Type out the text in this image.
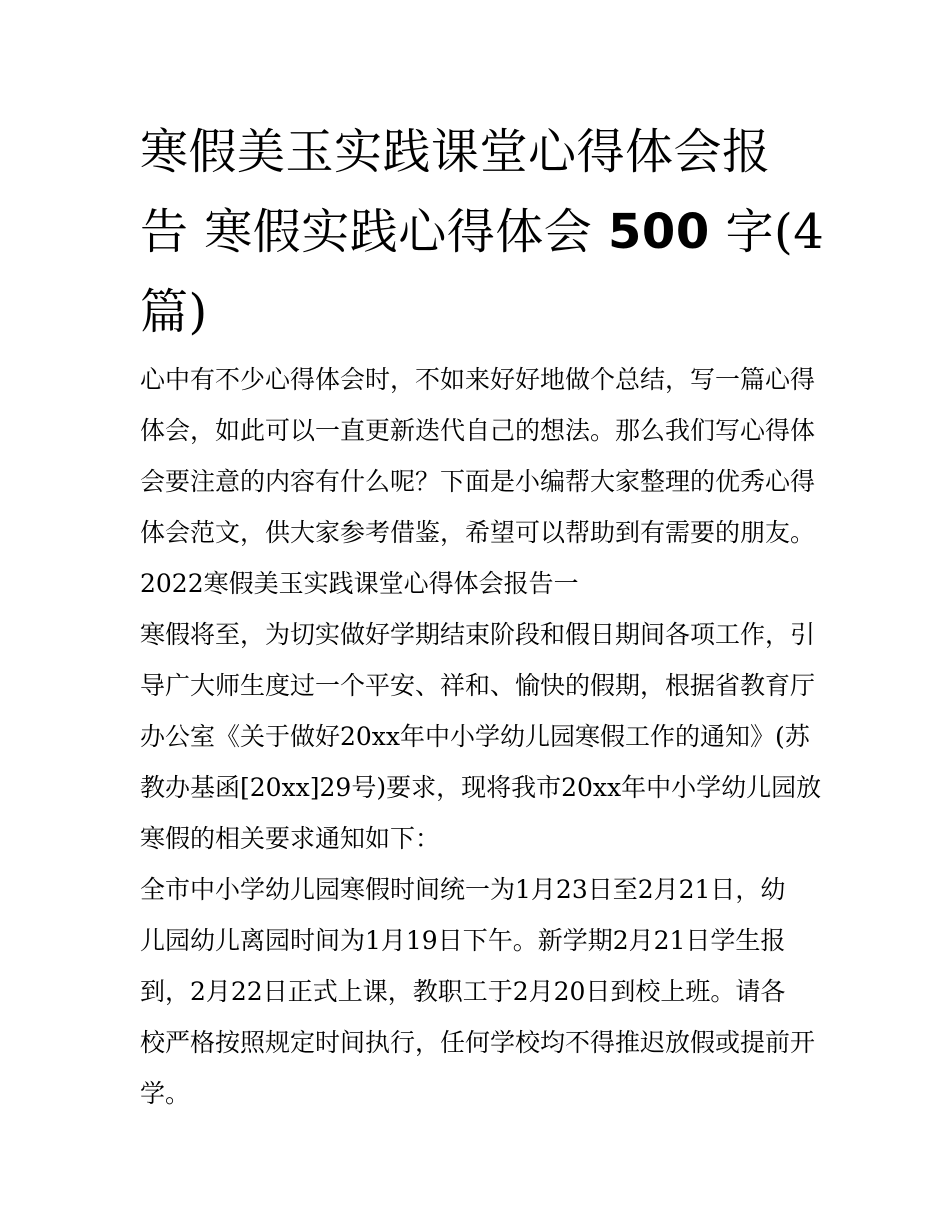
寒假美玉实践课堂心得体会报
告 寒假实践心得体会 500 字(4
篇)
心中有不少心得体会时，不如来好好地做个总结，写一篇心得
体会，如此可以一直更新迭代自己的想法。那么我们写心得体
会要注意的内容有什么呢？下面是小编帮大家整理的优秀心得
体会范文，供大家参考借鉴，希望可以帮助到有需要的朋友。
2022寒假美玉实践课堂心得体会报告一
寒假将至，为切实做好学期结束阶段和假日期间各项工作，引
导广大师生度过一个平安、祥和、愉快的假期，根据省教育厅
办公室《关于做好20xx年中小学幼儿园寒假工作的通知》(苏
教办基函[20xx]29号)要求，现将我市20xx年中小学幼儿园放
寒假的相关要求通知如下：
全市中小学幼儿园寒假时间统一为1月23日至2月21日，幼
儿园幼儿离园时间为1月19日下午。新学期2月21日学生报
到，2月22日正式上课，教职工于2月20日到校上班。请各
校严格按照规定时间执行，任何学校均不得推迟放假或提前开
学。
